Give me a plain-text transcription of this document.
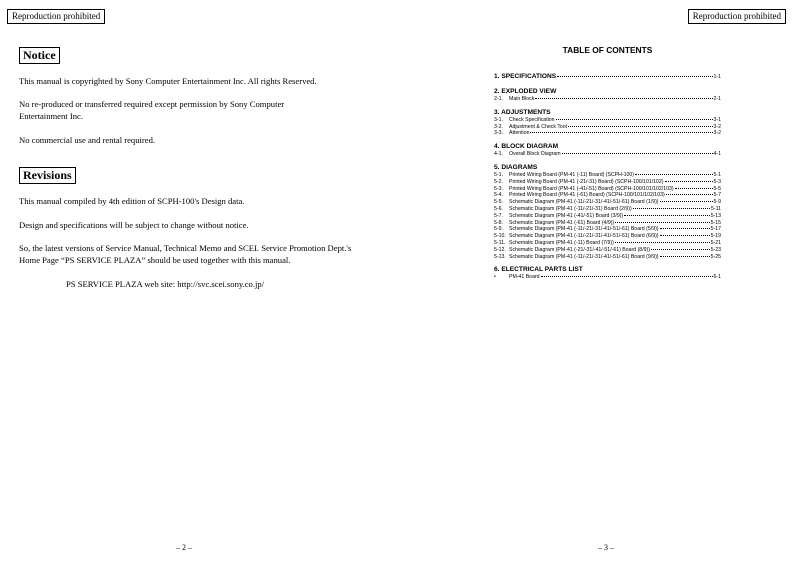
Reproduction prohibited	Reproduction prohibited
Notice

This manual is copyrighted by Sony Computer Entertainment Inc. All rights Reserved.

No re-produced or transferred required except permission by Sony Computer Entertainment Inc.

No commercial use and rental required.

Revisions

This manual compiled by 4th edition of SCPH-100's Design data.

Design and specifications will be subject to change without notice.

So, the latest versions of Service Manual, Technical Memo and SCEI. Service Promotion Dept.'s Home Page “PS SERVICE PLAZA” should be used together with this manual.

PS SERVICE PLAZA web site: http://svc.scei.sony.co.jp/

– 2 –
TABLE OF CONTENTS
1. SPECIFICATIONS	1-1
2. EXPLODED VIEW
2-1.	Main Block	2-1
3. ADJUSTMENTS
3-1.	Check Specification	3-1
3-2.	Adjustment & Check Tool	3-2
3-3.	Attention	3-2
4. BLOCK DIAGRAM
4-1.	Overall Block Diagram	4-1
5. DIAGRAMS
5-1.	Printed Wiring Board (PM-41 (-11) Board) (SCPH-100)	5-1
5-2.	Printed Wiring Board (PM-41 (-21/-31) Board) (SCPH-100/101/102)	5-3
5-3.	Printed Wiring Board (PM-41 (-41/-51) Board) (SCPH-100/101/102/103)	5-5
5-4.	Printed Wiring Board (PM-41 (-61) Board) (SCPH-100/101/102/103)	5-7
5-5.	Schematic Diagram (PM-41 (-11/-21/-31/-41/-51/-61) Board (1/9))	5-9
5-6.	Schematic Diagram (PM-41 (-11/-21/-31) Board (2/9))	5-11
5-7.	Schematic Diagram (PM-41 (-41/-51) Board (3/9))	5-13
5-8.	Schematic Diagram (PM-41 (-61) Board (4/9))	5-15
5-9.	Schematic Diagram (PM-41 (-11/-21/-31/-41/-51/-61) Board (5/9))	5-17
5-10. Schematic Diagram (PM-41 (-11/-21/-31/-41/-51/-61) Board (6/9))	5-19
5-11. Schematic Diagram (PM-41 (-11) Board (7/9))	5-21
5-12. Schematic Diagram (PM-41 (-21/-31/-41/-51/-61) Board (8/9))	5-23
5-13. Schematic Diagram (PM-41 (-11/-21/-31/-41/-51/-61) Board (9/9))	5-25
6. ELECTRICAL PARTS LIST
•	PM-41 Board	6-1
– 3 –
